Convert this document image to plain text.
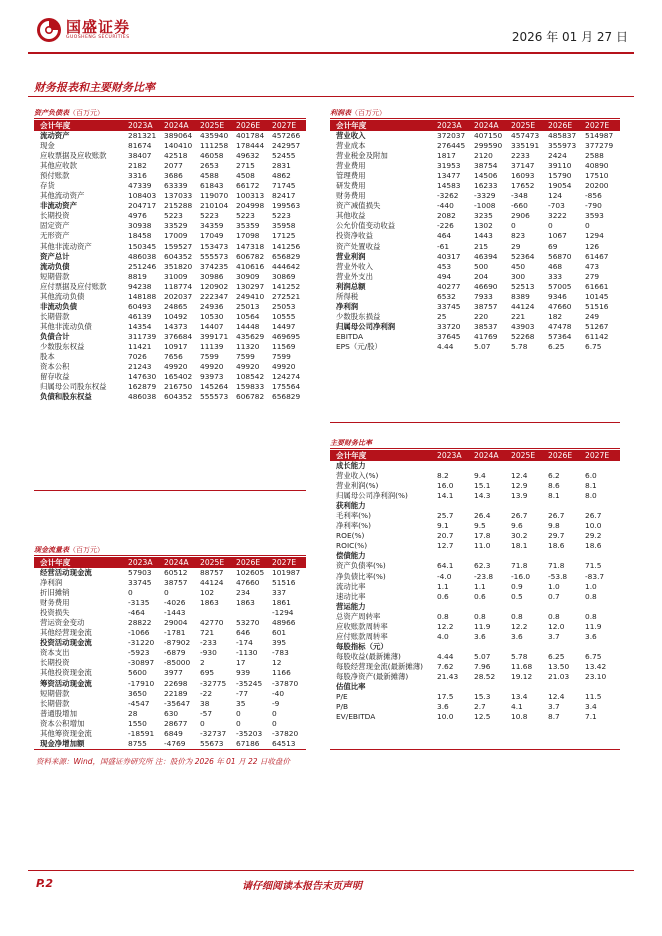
国盛证券
GUOSHENG SECURITIES	2026 年 01 月 27 日
财务报表和主要财务比率
资产负债表（百万元）
会计年度	2023A	2024A	2025E	2026E	2027E
流动资产	281321	389064	435940	401784	457266
现金	81674	140410	111258	178444	242957
应收票据及应收账款	38407	42518	46058	49632	52455
其他应收款	2182	2077	2653	2715	2831
预付账款	3316	3686	4588	4508	4862
存货	47339	63339	61843	66172	71745
其他流动资产	108403	137033	119070	100313	82417
非流动资产	204717	215288	210104	204998	199563
长期投资	4976	5223	5223	5223	5223
固定资产	30938	33529	34359	35359	35958
无形资产	18458	17009	17049	17098	17125
其他非流动资产	150345	159527	153473	147318	141256
资产总计	486038	604352	555573	606782	656829
流动负债	251246	351820	374235	410616	444642
短期借款	8819	31009	30986	30909	30869
应付票据及应付账款	94238	118774	120902	130297	141252
其他流动负债	148188	202037	222347	249410	272521
非流动负债	60493	24865	24936	25013	25053
长期借款	46139	10492	10530	10564	10555
其他非流动负债	14354	14373	14407	14448	14497
负债合计	311739	376684	399171	435629	469695
少数股东权益	11421	10917	11139	11320	11569
股本	7026	7656	7599	7599	7599
资本公积	21243	49920	49920	49920	49920
留存收益	147630	165402	93973	108542	124274
归属母公司股东权益	162879	216750	145264	159833	175564
负债和股东权益	486038	604352	555573	606782	656829
现金流量表（百万元）
会计年度	2023A	2024A	2025E	2026E	2027E
经营活动现金流	57903	60512	88757	102605	101987
净利润	33745	38757	44124	47660	51516
折旧摊销	0	0	102	234	337
财务费用	-3135	-4026	1863	1863	1861
投资损失	-464	-1443			-1294
营运资金变动	28822	29004	42770	53270	48966
其他经营现金流	-1066	-1781	721	646	601
投资活动现金流	-31220	-87902	-233	-174	395
资本支出	-5923	-6879	-930	-1130	-783
长期投资	-30897	-85000	2	17	12
其他投资现金流	5600	3977	695	939	1166
筹资活动现金流	-17910	22698	-32775	-35245	-37870
短期借款	3650	22189	-22	-77	-40
长期借款	-4547	-35647	38	35	-9
普通股增加	28	630	-57	0	0
资本公积增加	1550	28677	0	0	0
其他筹资现金流	-18591	6849	-32737	-35203	-37820
现金净增加额	8755	-4769	55673	67186	64513
利润表（百万元）
会计年度	2023A	2024A	2025E	2026E	2027E
营业收入	372037	407150	457473	485837	514987
营业成本	276445	299590	335191	355973	377279
营业税金及附加	1817	2120	2233	2424	2588
营业费用	31953	38754	37147	39110	40890
管理费用	13477	14506	16093	15790	17510
研发费用	14583	16233	17652	19054	20200
财务费用	-3262	-3329	-348	124	-856
资产减值损失	-440	-1008	-660	-703	-790
其他收益	2082	3235	2906	3222	3593
公允价值变动收益	-226	1302	0	0	0
投资净收益	464	1443	823	1067	1294
资产处置收益	-61	215	29	69	126
营业利润	40317	46394	52364	56870	61467
营业外收入	453	500	450	468	473
营业外支出	494	204	300	333	279
利润总额	40277	46690	52513	57005	61661
所得税	6532	7933	8389	9346	10145
净利润	33745	38757	44124	47660	51516
少数股东损益	25	220	221	182	249
归属母公司净利润	33720	38537	43903	47478	51267
EBITDA	37645	41769	52268	57364	61142
EPS（元/股）	4.44	5.07	5.78	6.25	6.75
主要财务比率
会计年度	2023A	2024A	2025E	2026E	2027E
成长能力					
营业收入(%)	8.2	9.4	12.4	6.2	6.0
营业利润(%)	16.0	15.1	12.9	8.6	8.1
归属母公司净利润(%)	14.1	14.3	13.9	8.1	8.0
获利能力					
毛利率(%)	25.7	26.4	26.7	26.7	26.7
净利率(%)	9.1	9.5	9.6	9.8	10.0
ROE(%)	20.7	17.8	30.2	29.7	29.2
ROIC(%)	12.7	11.0	18.1	18.6	18.6
偿债能力					
资产负债率(%)	64.1	62.3	71.8	71.8	71.5
净负债比率(%)	-4.0	-23.8	-16.0	-53.8	-83.7
流动比率	1.1	1.1	0.9	1.0	1.0
速动比率	0.6	0.6	0.5	0.7	0.8
营运能力					
总资产周转率	0.8	0.8	0.8	0.8	0.8
应收账款周转率	12.2	11.9	12.2	12.0	11.9
应付账款周转率	4.0	3.6	3.6	3.7	3.6
每股指标（元）					
每股收益(最新摊薄)	4.44	5.07	5.78	6.25	6.75
每股经营现金流(最新摊薄)	7.62	7.96	11.68	13.50	13.42
每股净资产(最新摊薄)	21.43	28.52	19.12	21.03	23.10
估值比率					
P/E	17.5	15.3	13.4	12.4	11.5
P/B	3.6	2.7	4.1	3.7	3.4
EV/EBITDA	10.0	12.5	10.8	8.7	7.1
资料来源：Wind，国盛证券研究所 注：股价为 2026 年 01 月 22 日收盘价
P.2	请仔细阅读本报告末页声明
